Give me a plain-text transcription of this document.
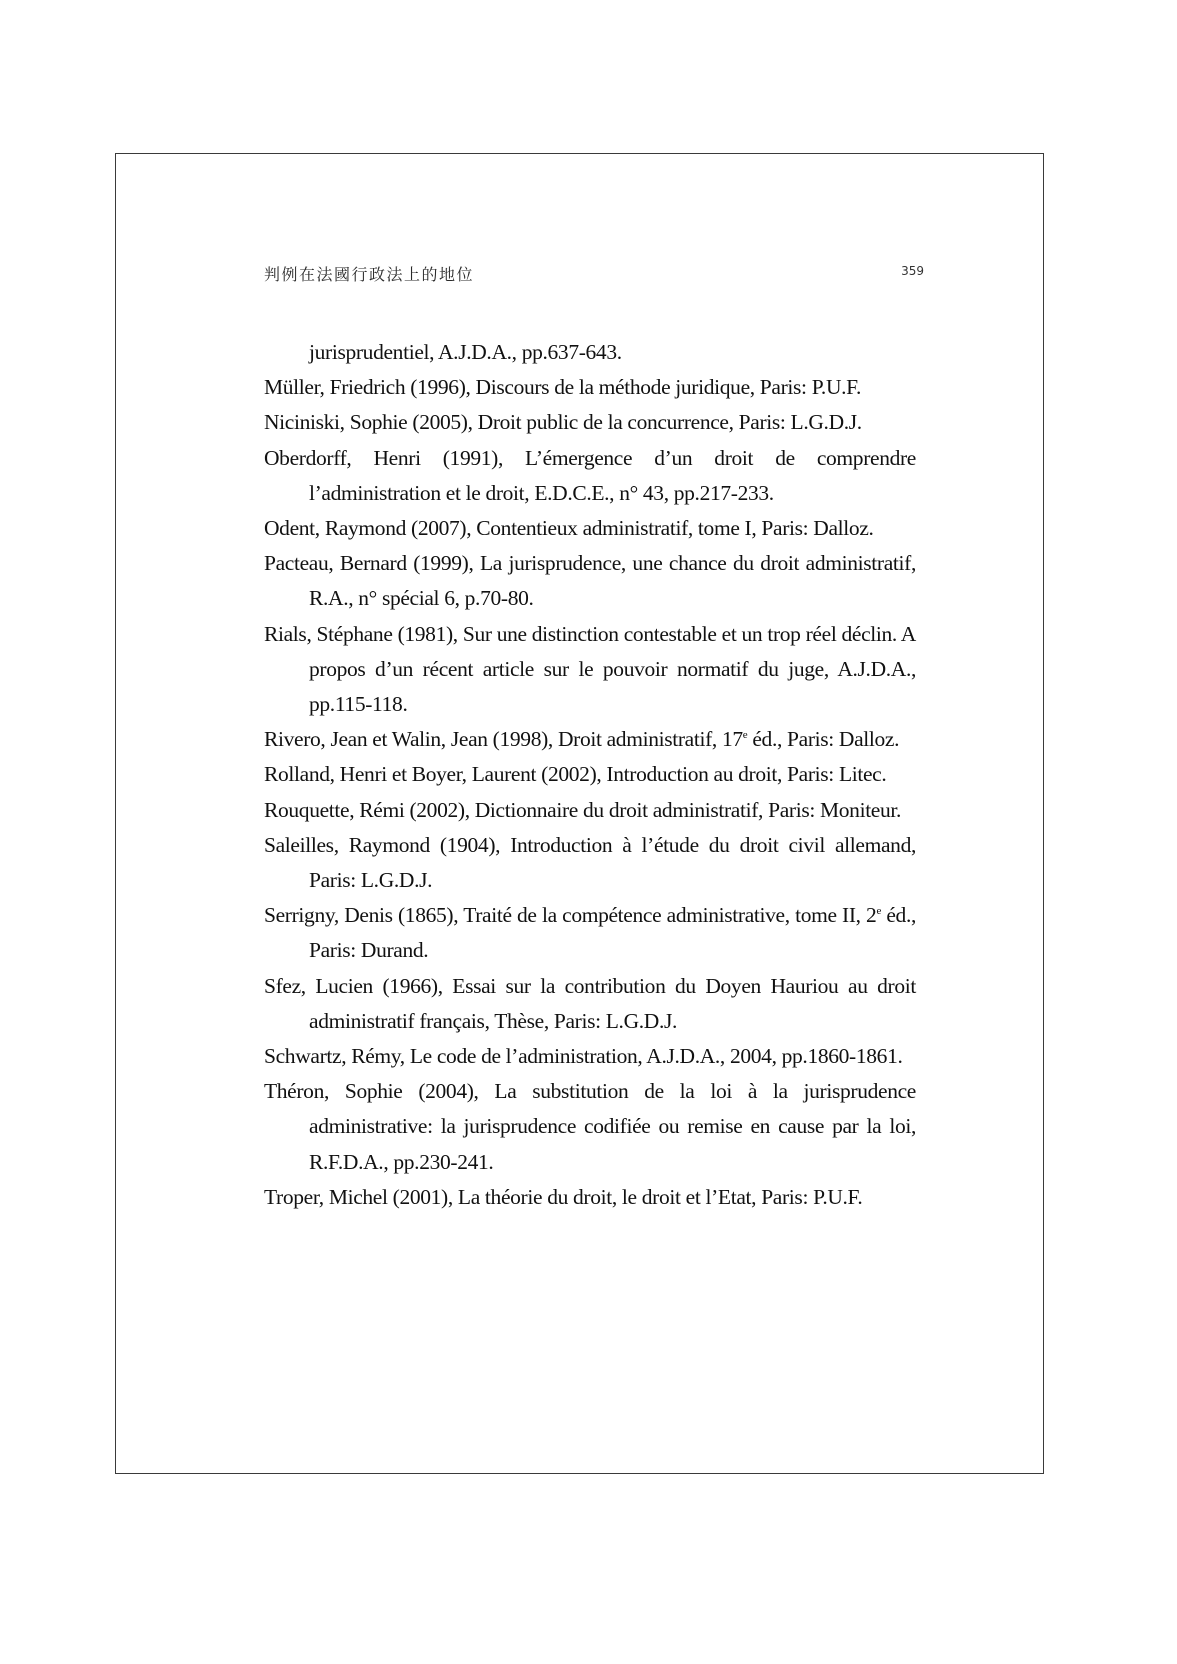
判例在法國行政法上的地位	359

jurisprudentiel, A.J.D.A., pp.637-643.

Müller, Friedrich (1996), Discours de la méthode juridique, Paris: P.U.F.

Niciniski, Sophie (2005), Droit public de la concurrence, Paris: L.G.D.J.

Oberdorff, Henri (1991), L’émergence d’un droit de comprendre l’administration et le droit, E.D.C.E., n° 43, pp.217-233.

Odent, Raymond (2007), Contentieux administratif, tome I, Paris: Dalloz.

Pacteau, Bernard (1999), La jurisprudence, une chance du droit administratif, R.A., n° spécial 6, p.70-80.

Rials, Stéphane (1981), Sur une distinction contestable et un trop réel déclin. A propos d’un récent article sur le pouvoir normatif du juge, A.J.D.A., pp.115-118.

Rivero, Jean et Walin, Jean (1998), Droit administratif, 17e éd., Paris: Dalloz.

Rolland, Henri et Boyer, Laurent (2002), Introduction au droit, Paris: Litec.

Rouquette, Rémi (2002), Dictionnaire du droit administratif, Paris: Moniteur.

Saleilles, Raymond (1904), Introduction à l’étude du droit civil allemand, Paris: L.G.D.J.

Serrigny, Denis (1865), Traité de la compétence administrative, tome II, 2e éd., Paris: Durand.

Sfez, Lucien (1966), Essai sur la contribution du Doyen Hauriou au droit administratif français, Thèse, Paris: L.G.D.J.

Schwartz, Rémy, Le code de l’administration, A.J.D.A., 2004, pp.1860-1861.

Théron, Sophie (2004), La substitution de la loi à la jurisprudence administrative: la jurisprudence codifiée ou remise en cause par la loi, R.F.D.A., pp.230-241.

Troper, Michel (2001), La théorie du droit, le droit et l’Etat, Paris: P.U.F.
